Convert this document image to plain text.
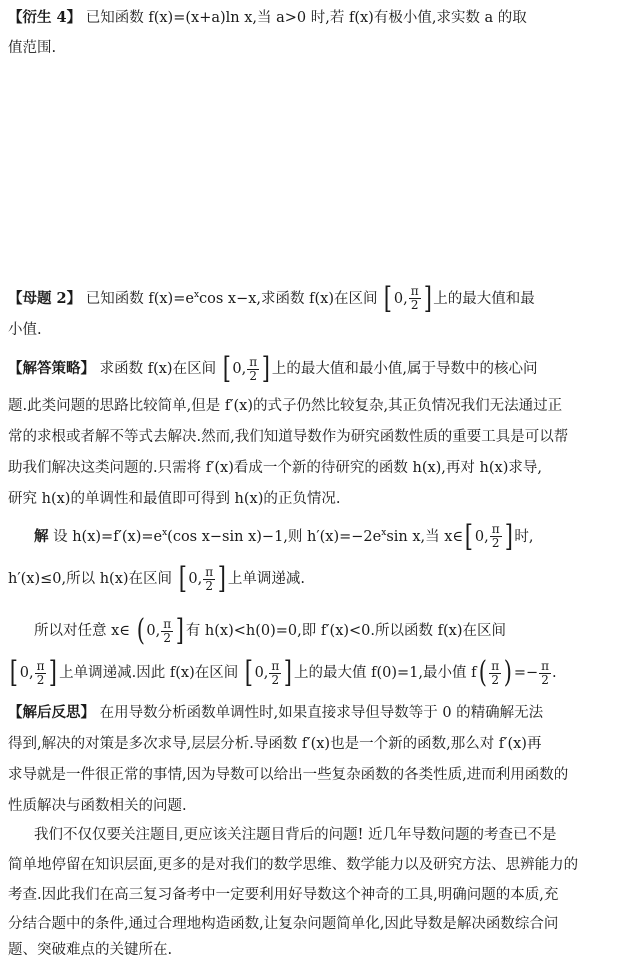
【衍生 4】 已知函数 f(x)=(x+a)ln x,当 a>0 时,若 f(x)有极小值,求实数 a 的取
值范围.
【母题 2】 已知函数 $f(x)=e^x\cos$ x−x,求函数 f(x)在区间 [ 0, $\frac{\pi}{2}$ ] 上的最大值和最
小值.
【解答策略】 求函数 f(x)在区间 [ 0, $\frac{\pi}{2}$ ] 上的最大值和最小值,属于导数中的核心问
题.此类问题的思路比较简单,但是 f′(x)的式子仍然比较复杂,其正负情况我们无法通过正
常的求根或者解不等式去解决.然而,我们知道导数作为研究函数性质的重要工具是可以帮
助我们解决这类问题的.只需将 f′(x)看成一个新的待研究的函数 h(x),再对 h(x)求导,
研究 h(x)的单调性和最值即可得到 h(x)的正负情况.
解 设 $h(x)=f'(x)=e^x(\cos$ x−sin x)−1,则 $h'(x)=-2e^x\sin$ x,当 x∈[ 0, $\frac{\pi}{2}$ ] 时,
h′(x)≤0,所以 h(x)在区间 [ 0, $\frac{\pi}{2}$ ] 上单调递减.
所以对任意 x∈ ( 0, $\frac{\pi}{2}$ ] 有 h(x)<h(0)=0,即 f′(x)<0.所以函数 f(x)在区间
[ 0, $\frac{\pi}{2}$ ] 上单调递减.因此 f(x)在区间 [ 0, $\frac{\pi}{2}$ ] 上的最大值 f(0)=1,最小值 $f( \frac{\pi}{2}$ ) =− $\frac{\pi}{2}$ .
【解后反思】 在用导数分析函数单调性时,如果直接求导但导数等于 0 的精确解无法
得到,解决的对策是多次求导,层层分析.导函数 f′(x)也是一个新的函数,那么对 f′(x)再
求导就是一件很正常的事情,因为导数可以给出一些复杂函数的各类性质,进而利用函数的
性质解决与函数相关的问题.
我们不仅仅要关注题目,更应该关注题目背后的问题! 近几年导数问题的考查已不是
简单地停留在知识层面,更多的是对我们的数学思维、数学能力以及研究方法、思辨能力的
考查.因此我们在高三复习备考中一定要利用好导数这个神奇的工具,明确问题的本质,充
分结合题中的条件,通过合理地构造函数,让复杂问题简单化,因此导数是解决函数综合问
题、突破难点的关键所在.
